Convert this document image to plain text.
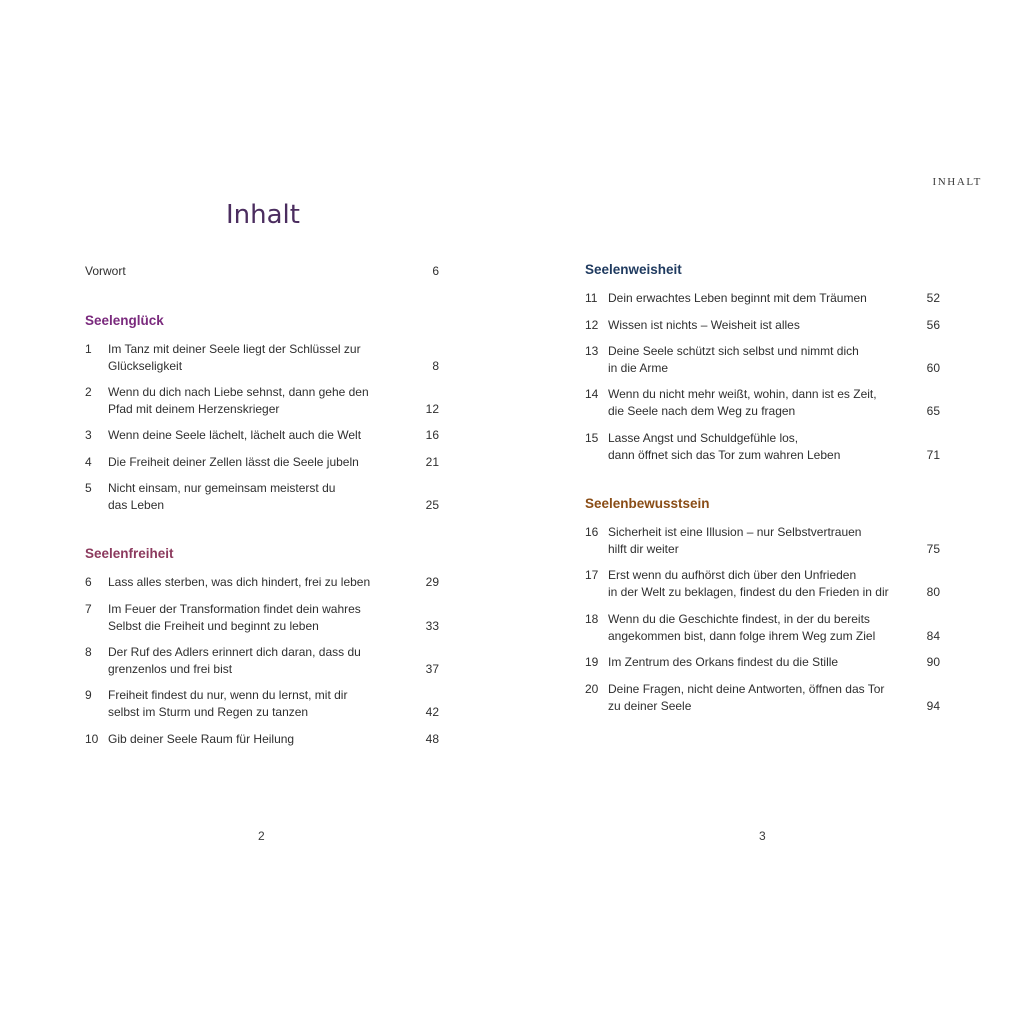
Inhalt
Vorwort	6
Seelenglück
1 Im Tanz mit deiner Seele liegt der Schlüssel zur
Glückseligkeit	8
2 Wenn du dich nach Liebe sehnst, dann gehe den
Pfad mit deinem Herzenskrieger	12
3 Wenn deine Seele lächelt, lächelt auch die Welt	16
4 Die Freiheit deiner Zellen lässt die Seele jubeln	21
5 Nicht einsam, nur gemeinsam meisterst du
das Leben	25
Seelenfreiheit
6 Lass alles sterben, was dich hindert, frei zu leben	29
7 Im Feuer der Transformation findet dein wahres
Selbst die Freiheit und beginnt zu leben	33
8 Der Ruf des Adlers erinnert dich daran, dass du
grenzenlos und frei bist	37
9 Freiheit findest du nur, wenn du lernst, mit dir
selbst im Sturm und Regen zu tanzen	42
10 Gib deiner Seele Raum für Heilung	48
2
INHALT
Seelenweisheit
11 Dein erwachtes Leben beginnt mit dem Träumen	52
12 Wissen ist nichts – Weisheit ist alles	56
13 Deine Seele schützt sich selbst und nimmt dich
in die Arme	60
14 Wenn du nicht mehr weißt, wohin, dann ist es Zeit,
die Seele nach dem Weg zu fragen	65
15 Lasse Angst und Schuldgefühle los,
dann öffnet sich das Tor zum wahren Leben	71
Seelenbewusstsein
16 Sicherheit ist eine Illusion – nur Selbstvertrauen
hilft dir weiter	75
17 Erst wenn du aufhörst dich über den Unfrieden
in der Welt zu beklagen, findest du den Frieden in dir	80
18 Wenn du die Geschichte findest, in der du bereits
angekommen bist, dann folge ihrem Weg zum Ziel	84
19 Im Zentrum des Orkans findest du die Stille	90
20 Deine Fragen, nicht deine Antworten, öffnen das Tor
zu deiner Seele	94
3
